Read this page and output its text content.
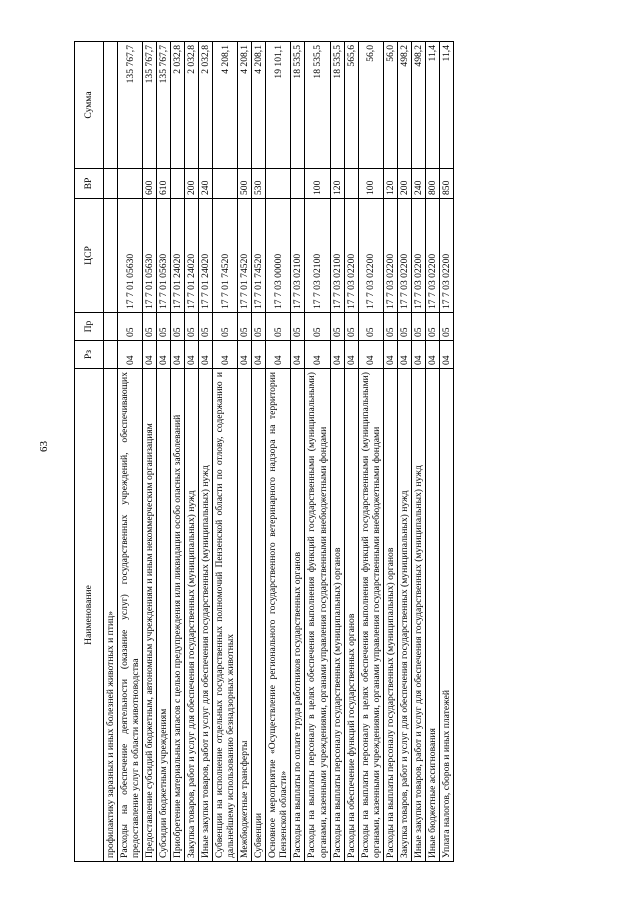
63
Наименование	Рз	Пр	ЦСР	ВР	Сумма
профилактику заразных и иных болезней животных и птиц»					
Расходы на обеспечение деятельности (оказание услуг) государственных учреждений, обеспечивающих предоставление услуг в области животноводства	04	05	17 7 01 05630		135 767,7
Предоставление субсидий бюджетным, автономным учреждениям и иным некоммерческим организациям	04	05	17 7 01 05630	600	135 767,7
Субсидии бюджетным учреждениям	04	05	17 7 01 05630	610	135 767,7
Приобретение материальных запасов с целью предупреждения или ликвидации особо опасных заболеваний	04	05	17 7 01 24020		2 032,8
Закупка товаров, работ и услуг для обеспечения государственных (муниципальных) нужд	04	05	17 7 01 24020	200	2 032,8
Иные закупки товаров, работ и услуг для обеспечения государственных (муниципальных) нужд	04	05	17 7 01 24020	240	2 032,8
Субвенции на исполнение отдельных государственных полномочий Пензенской области по отлову, содержанию и дальнейшему использованию безнадзорных животных	04	05	17 7 01 74520		4 208,1
Межбюджетные трансферты	04	05	17 7 01 74520	500	4 208,1
Субвенции	04	05	17 7 01 74520	530	4 208,1
Основное мероприятие «Осуществление регионального государственного ветеринарного надзора на территории Пензенской области»	04	05	17 7 03 00000		19 101,1
Расходы на выплаты по оплате труда работников государственных органов	04	05	17 7 03 02100		18 535,5
Расходы на выплаты персоналу в целях обеспечения выполнения функций государственными (муниципальными) органами, казенными учреждениями, органами управления государственными внебюджетными фондами	04	05	17 7 03 02100	100	18 535,5
Расходы на выплаты персоналу государственных (муниципальных) органов	04	05	17 7 03 02100	120	18 535,5
Расходы на обеспечение функций государственных органов	04	05	17 7 03 02200		565,6
Расходы на выплаты персоналу в целях обеспечения выполнения функций государственными (муниципальными) органами, казенными учреждениями, органами управления государственными внебюджетными фондами	04	05	17 7 03 02200	100	56,0
Расходы на выплаты персоналу государственных (муниципальных) органов	04	05	17 7 03 02200	120	56,0
Закупка товаров, работ и услуг для обеспечения государственных (муниципальных) нужд	04	05	17 7 03 02200	200	498,2
Иные закупки товаров, работ и услуг для обеспечения государственных (муниципальных) нужд	04	05	17 7 03 02200	240	498,2
Иные бюджетные ассигнования	04	05	17 7 03 02200	800	11,4
Уплата налогов, сборов и иных платежей	04	05	17 7 03 02200	850	11,4
